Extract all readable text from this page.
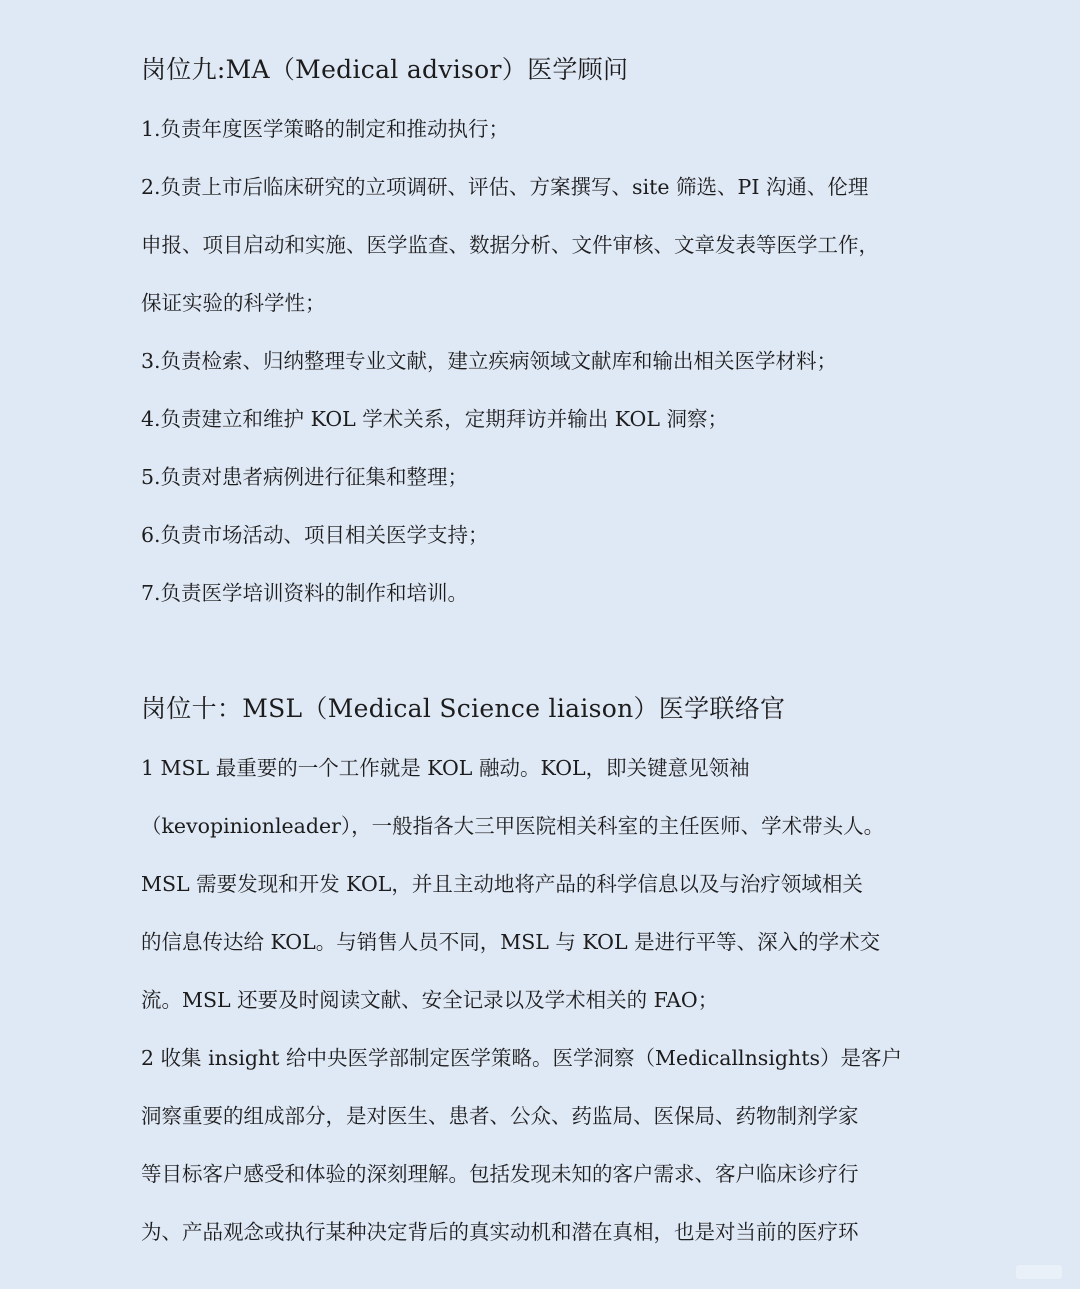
岗位九:MA（Medical advisor）医学顾问

1.负责年度医学策略的制定和推动执行；

2.负责上市后临床研究的立项调研、评估、方案撰写、site 筛选、PI 沟通、伦理

申报、项目启动和实施、医学监查、数据分析、文件审核、文章发表等医学工作，

保证实验的科学性；

3.负责检索、归纳整理专业文献，建立疾病领域文献库和输出相关医学材料；

4.负责建立和维护 KOL 学术关系，定期拜访并输出 KOL 洞察；

5.负责对患者病例进行征集和整理；

6.负责市场活动、项目相关医学支持；

7.负责医学培训资料的制作和培训。

岗位十：MSL（Medical Science liaison）医学联络官

1 MSL 最重要的一个工作就是 KOL 融动。KOL，即关键意见领袖

（kevopinionleader），一般指各大三甲医院相关科室的主任医师、学术带头人。

MSL 需要发现和开发 KOL，并且主动地将产品的科学信息以及与治疗领域相关

的信息传达给 KOL。与销售人员不同，MSL 与 KOL 是进行平等、深入的学术交

流。MSL 还要及时阅读文献、安全记录以及学术相关的 FAO；

2 收集 insight 给中央医学部制定医学策略。医学洞察（Medicallnsights）是客户

洞察重要的组成部分，是对医生、患者、公众、药监局、医保局、药物制剂学家

等目标客户感受和体验的深刻理解。包括发现未知的客户需求、客户临床诊疗行

为、产品观念或执行某种决定背后的真实动机和潜在真相，也是对当前的医疗环
